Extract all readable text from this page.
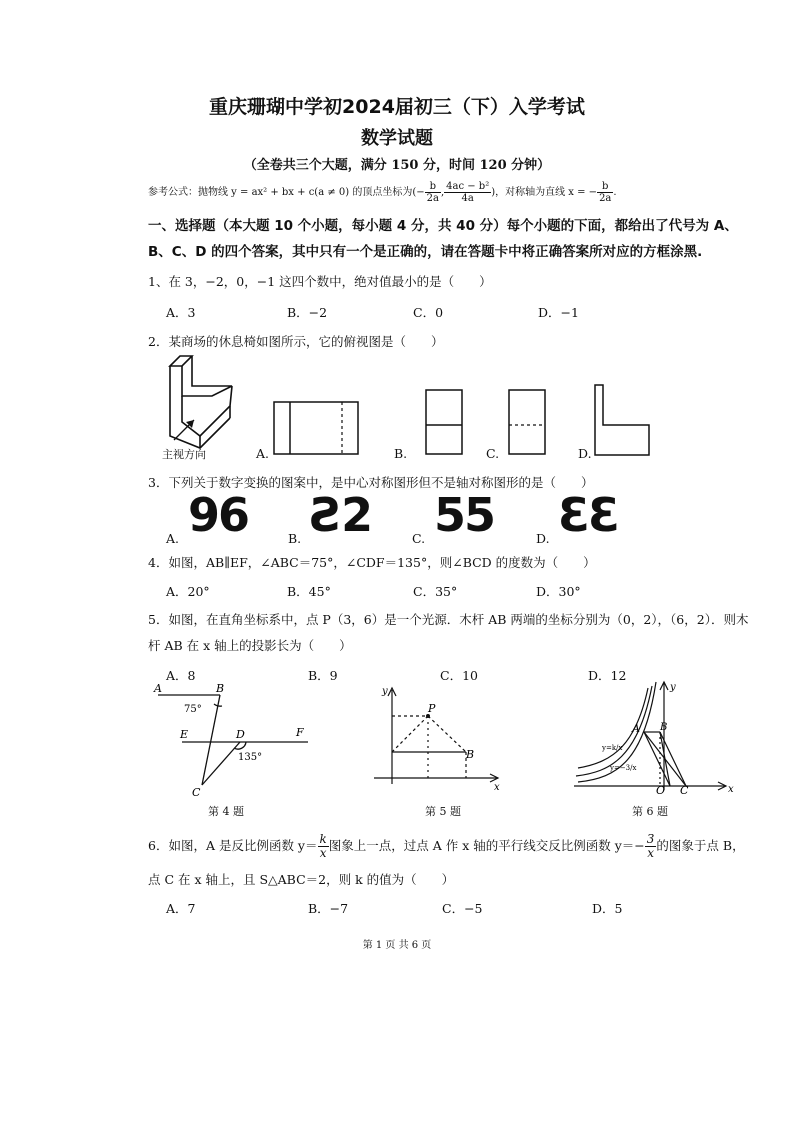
重庆珊瑚中学初2024届初三（下）入学考试
数学试题
（全卷共三个大题，满分 150 分，时间 120 分钟）
参考公式：抛物线 y = ax² + bx + c(a ≠ 0) 的顶点坐标为(− $\frac{b}{2a}$ , $\frac{\text{4ac − b²}}{4a}$ )，对称轴为直线 x = − $\frac{b}{2a}$ .
一、选择题（本大题 10 个小题，每小题 4 分，共 40 分）每个小题的下面，都给出了代号为 A、
B、C、D 的四个答案，其中只有一个是正确的，请在答题卡中将正确答案所对应的方框涂黑.
1、在 3，−2，0，−1 这四个数中，绝对值最小的是（　　）
A．3	B．−2	C．0	D．−1
2．某商场的休息椅如图所示，它的俯视图是（　　）
主视方向	A.	B.	C.	D.
3．下列关于数字变换的图案中，是中心对称图形但不是轴对称图形的是（　　）
A. 96	B. Ƨ2	C. 55	D. ƐƐ
4．如图，AB∥EF，∠ABC＝75°，∠CDF＝135°，则∠BCD 的度数为（　　）
A．20°	B．45°	C．35°	D．30°
5．如图，在直角坐标系中，点 P（3，6）是一个光源．木杆 AB 两端的坐标分别为（0，2），（6，2）．则木
杆 AB 在 x 轴上的投影长为（　　）
A．8	B．9	C．10	D．12
A	B
75°
E	D	F
135°
C
第 4 题
y
x
P
B
第 5 题
y
x
A B
O C
y=k/x
y=−3/x
第 6 题
6．如图，A 是反比例函数 $y= \frac{k}{x}$ 图象上一点，过点 A 作 x 轴的平行线交反比例函数 $y=- \frac{3}{x}$ 的图象于点 B，
点 C 在 x 轴上，且 S△ABC＝2，则 k 的值为（　　）
A．7	B．−7	C．−5	D．5
第 1 页 共 6 页
